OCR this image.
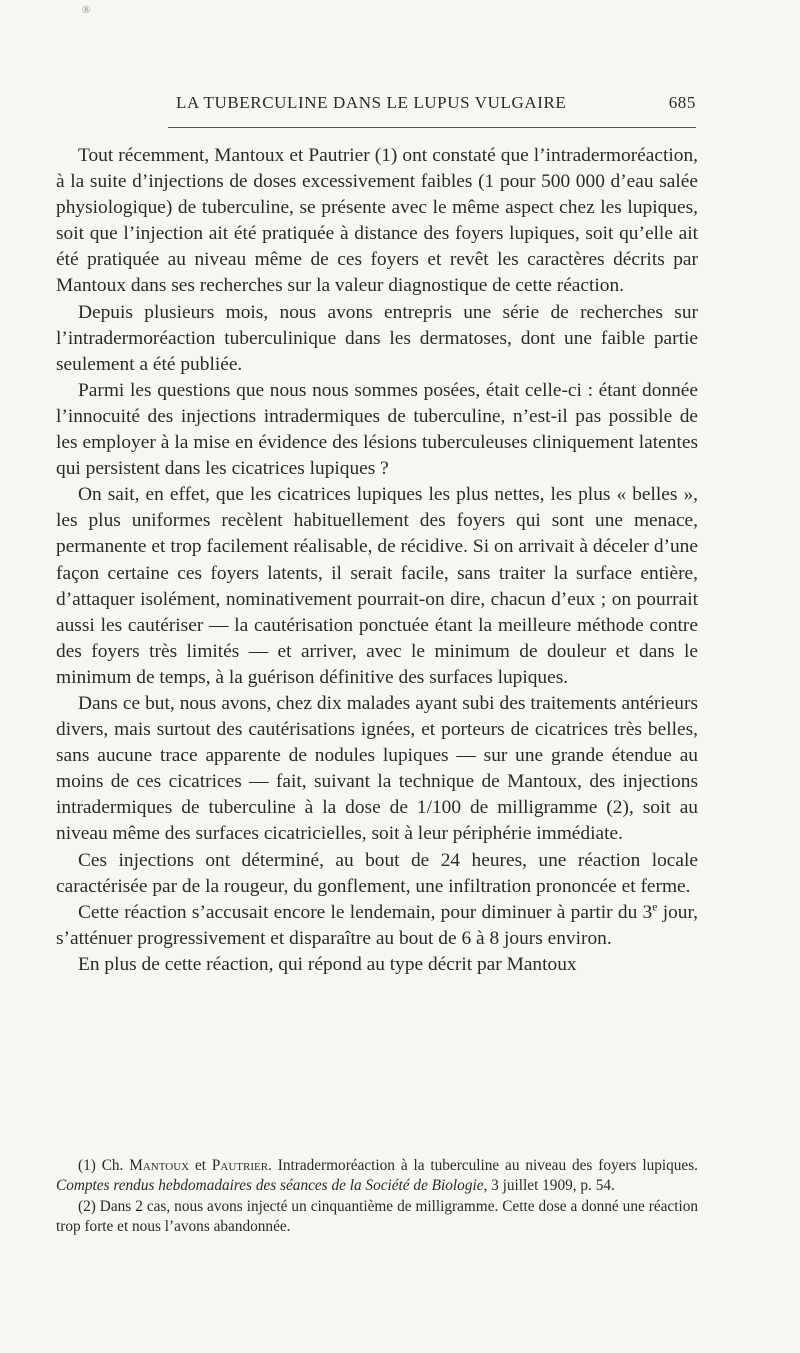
®
LA TUBERCULINE DANS LE LUPUS VULGAIRE	685

Tout récemment, Mantoux et Pautrier (1) ont constaté que l’intradermoréaction, à la suite d’injections de doses excessivement faibles (1 pour 500 000 d’eau salée physiologique) de tuberculine, se présente avec le même aspect chez les lupiques, soit que l’injection ait été pratiquée à distance des foyers lupiques, soit qu’elle ait été pratiquée au niveau même de ces foyers et revêt les caractères décrits par Mantoux dans ses recherches sur la valeur diagnostique de cette réaction.

Depuis plusieurs mois, nous avons entrepris une série de recherches sur l’intradermoréaction tuberculinique dans les dermatoses, dont une faible partie seulement a été publiée.

Parmi les questions que nous nous sommes posées, était celle-ci : étant donnée l’innocuité des injections intradermiques de tuberculine, n’est-il pas possible de les employer à la mise en évidence des lésions tuberculeuses cliniquement latentes qui persistent dans les cicatrices lupiques ?

On sait, en effet, que les cicatrices lupiques les plus nettes, les plus « belles », les plus uniformes recèlent habituellement des foyers qui sont une menace, permanente et trop facilement réalisable, de récidive. Si on arrivait à déceler d’une façon certaine ces foyers latents, il serait facile, sans traiter la surface entière, d’attaquer isolément, nominativement pourrait-on dire, chacun d’eux ; on pourrait aussi les cautériser — la cautérisation ponctuée étant la meilleure méthode contre des foyers très limités — et arriver, avec le minimum de douleur et dans le minimum de temps, à la guérison définitive des surfaces lupiques.

Dans ce but, nous avons, chez dix malades ayant subi des traitements antérieurs divers, mais surtout des cautérisations ignées, et porteurs de cicatrices très belles, sans aucune trace apparente de nodules lupiques — sur une grande étendue au moins de ces cicatrices — fait, suivant la technique de Mantoux, des injections intradermiques de tuberculine à la dose de 1/100 de milligramme (2), soit au niveau même des surfaces cicatricielles, soit à leur périphérie immédiate.

Ces injections ont déterminé, au bout de 24 heures, une réaction locale caractérisée par de la rougeur, du gonflement, une infiltration prononcée et ferme.

Cette réaction s’accusait encore le lendemain, pour diminuer à partir du 3e jour, s’atténuer progressivement et disparaître au bout de 6 à 8 jours environ.

En plus de cette réaction, qui répond au type décrit par Mantoux

(1) Ch. Mantoux et Pautrier. Intradermoréaction à la tuberculine au niveau des foyers lupiques. Comptes rendus hebdomadaires des séances de la Société de Biologie, 3 juillet 1909, p. 54.

(2) Dans 2 cas, nous avons injecté un cinquantième de milligramme. Cette dose a donné une réaction trop forte et nous l’avons abandonnée.
